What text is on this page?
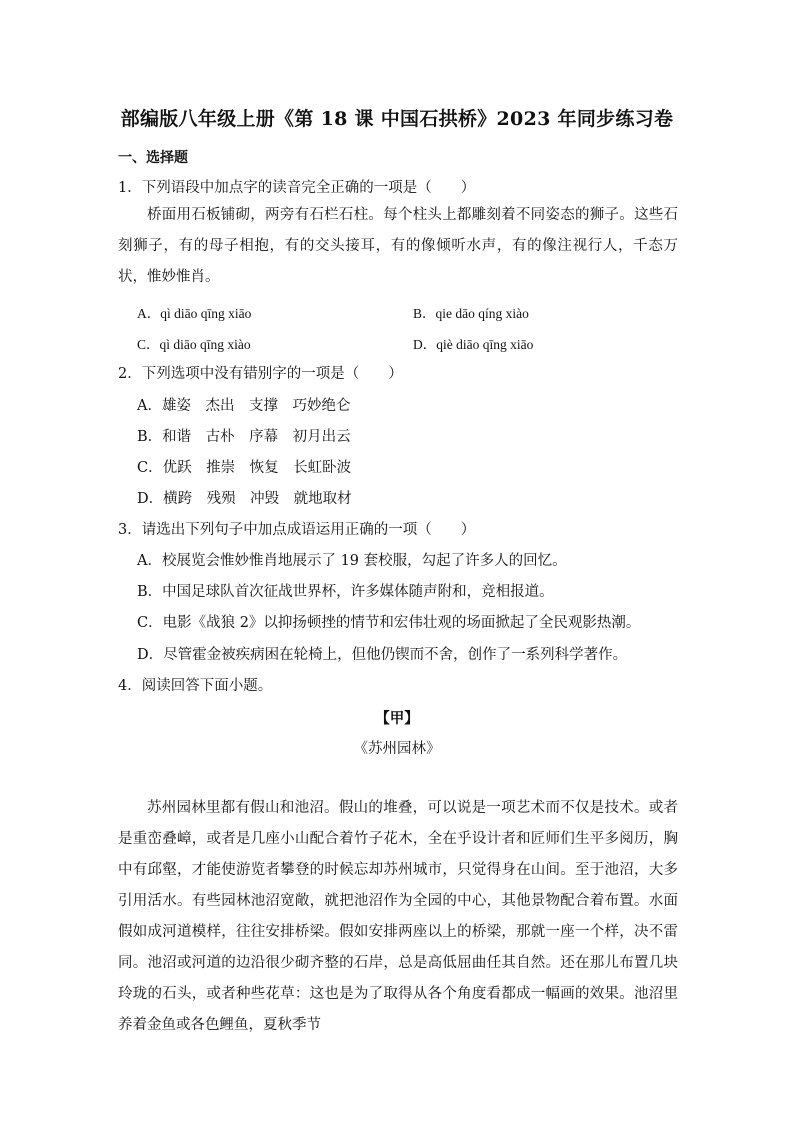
部编版八年级上册《第 18 课 中国石拱桥》2023 年同步练习卷
一、选择题
1．下列语段中加点字的读音完全正确的一项是（　　）

桥面用石板铺砌，两旁有石栏石柱。每个柱头上都雕刻着不同姿态的狮子。这些石刻狮子，有的母子相抱，有的交头接耳，有的像倾听水声，有的像注视行人，千态万状，惟妙惟肖。

A．qì diāo qīng xiāo	B．qie dāo qíng xiào
C．qì diāo qīng xiào	D．qiè diāo qīng xiāo
2．下列选项中没有错别字的一项是（　　）
A．雄姿　杰出　支撑　巧妙绝仑
B．和谐　古朴　序幕　初月出云
C．优跃　推崇　恢复　长虹卧波
D．横跨　残殒　冲毁　就地取材
3．请选出下列句子中加点成语运用正确的一项（　　）
A．校展览会惟妙惟肖地展示了 19 套校服，勾起了许多人的回忆。
B．中国足球队首次征战世界杯，许多媒体随声附和，竞相报道。
C．电影《战狼 2》以抑扬顿挫的情节和宏伟壮观的场面掀起了全民观影热潮。
D．尽管霍金被疾病困在轮椅上，但他仍锲而不舍，创作了一系列科学著作。
4．阅读回答下面小题。
【甲】
《苏州园林》

苏州园林里都有假山和池沼。假山的堆叠，可以说是一项艺术而不仅是技术。或者是重峦叠嶂，或者是几座小山配合着竹子花木，全在乎设计者和匠师们生平多阅历，胸中有邱壑，才能使游览者攀登的时候忘却苏州城市，只觉得身在山间。至于池沼，大多引用活水。有些园林池沼宽敞，就把池沼作为全园的中心，其他景物配合着布置。水面假如成河道模样，往往安排桥梁。假如安排两座以上的桥梁，那就一座一个样，决不雷同。池沼或河道的边沿很少砌齐整的石岸，总是高低屈曲任其自然。还在那儿布置几块玲珑的石头，或者种些花草：这也是为了取得从各个角度看都成一幅画的效果。池沼里养着金鱼或各色鲤鱼，夏秋季节
